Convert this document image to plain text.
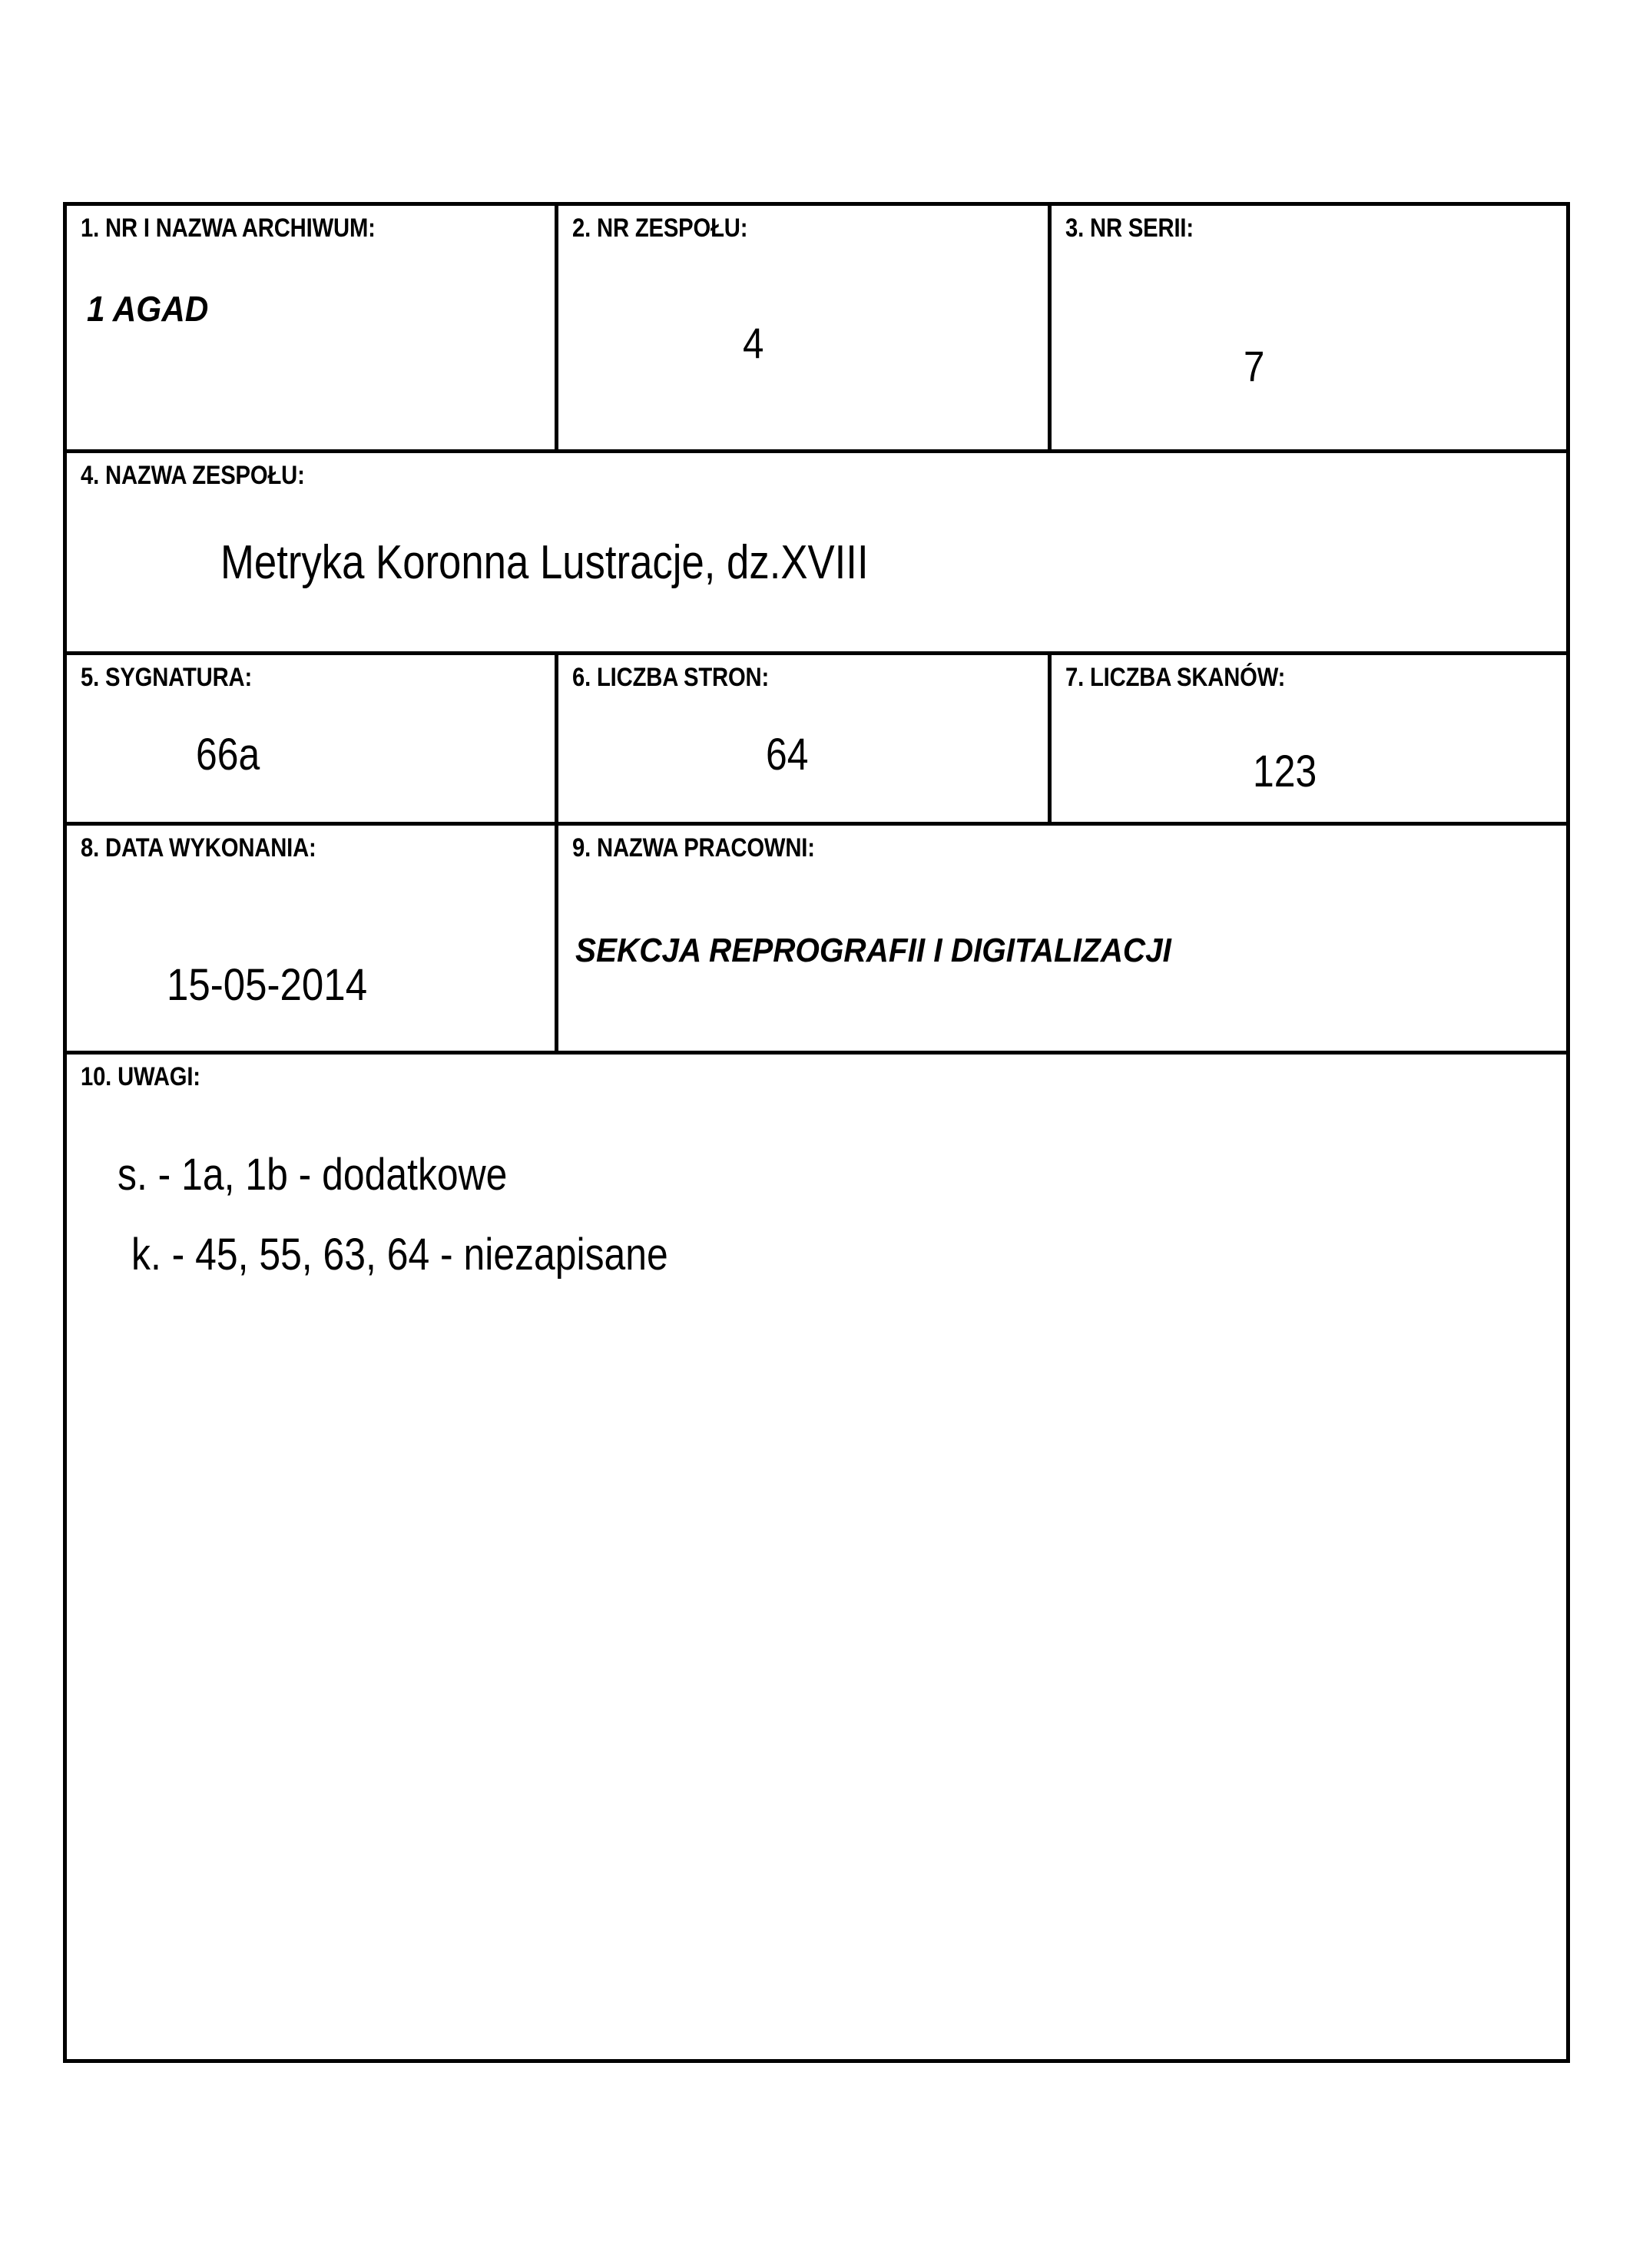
1. NR I NAZWA ARCHIWUM:
1 AGAD
2. NR ZESPOŁU:
4
3. NR SERII:
7
4. NAZWA ZESPOŁU:
Metryka Koronna Lustracje, dz.XVIII
5. SYGNATURA:
66a
6. LICZBA STRON:
64
7. LICZBA SKANÓW:
123
8. DATA WYKONANIA:
15-05-2014
9. NAZWA PRACOWNI:
SEKCJA REPROGRAFII I DIGITALIZACJI
10. UWAGI:
s. - 1a, 1b - dodatkowe
k. - 45, 55, 63, 64 - niezapisane
